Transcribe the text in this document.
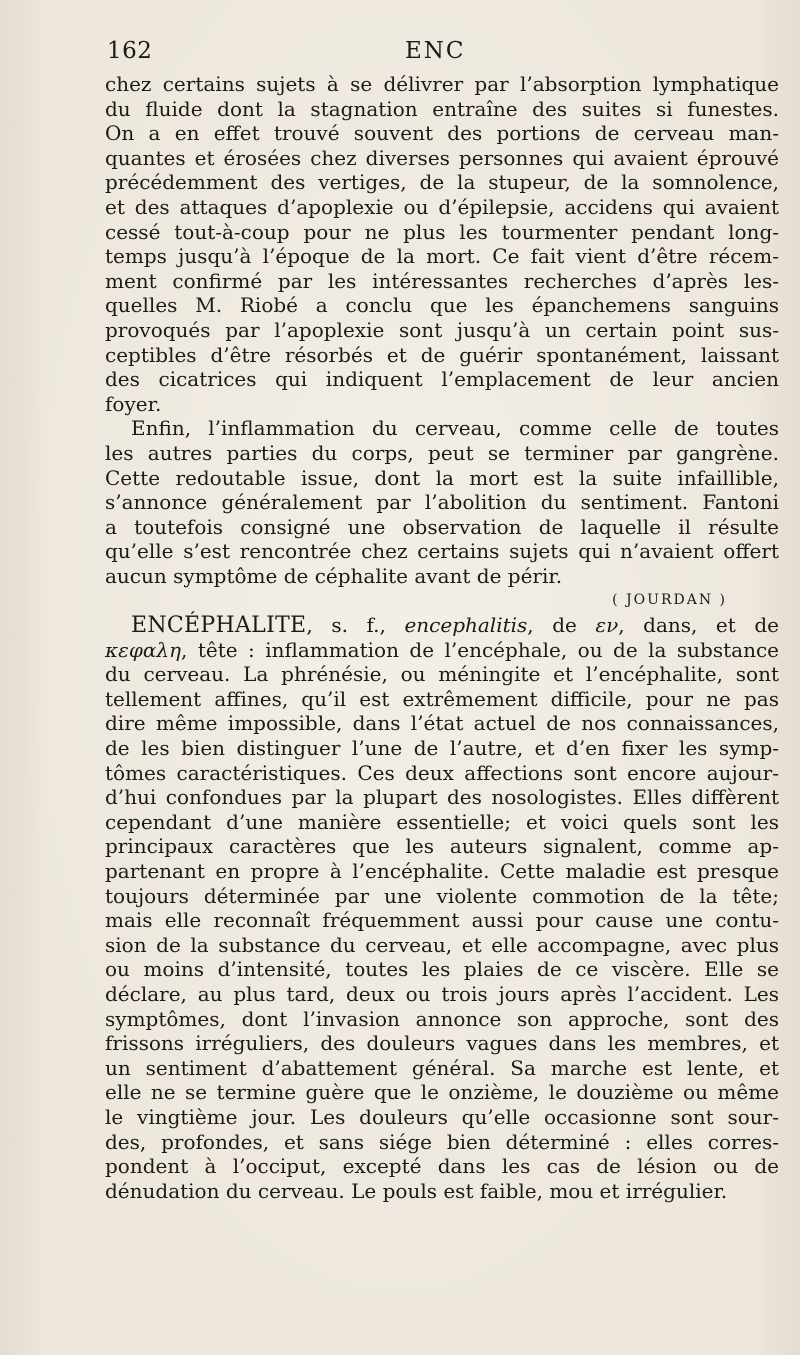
162	ENC
chez certains sujets à se délivrer par l’absorption lymphatique
du fluide dont la stagnation entraîne des suites si funestes.
On a en effet trouvé souvent des portions de cerveau man-
quantes et érosées chez diverses personnes qui avaient éprouvé
précédemment des vertiges, de la stupeur, de la somnolence,
et des attaques d’apoplexie ou d’épilepsie, accidens qui avaient
cessé tout-à-coup pour ne plus les tourmenter pendant long-
temps jusqu’à l’époque de la mort. Ce fait vient d’être récem-
ment confirmé par les intéressantes recherches d’après les-
quelles M. Riobé a conclu que les épanchemens sanguins
provoqués par l’apoplexie sont jusqu’à un certain point sus-
ceptibles d’être résorbés et de guérir spontanément, laissant
des cicatrices qui indiquent l’emplacement de leur ancien
foyer.
Enfin, l’inflammation du cerveau, comme celle de toutes
les autres parties du corps, peut se terminer par gangrène.
Cette redoutable issue, dont la mort est la suite infaillible,
s’annonce généralement par l’abolition du sentiment. Fantoni
a toutefois consigné une observation de laquelle il résulte
qu’elle s’est rencontrée chez certains sujets qui n’avaient offert
aucun symptôme de céphalite avant de périr.
( JOURDAN )
ENCÉPHALITE, s. f., encephalitis, de εν, dans, et de
κεφαλη, tête : inflammation de l’encéphale, ou de la substance
du cerveau. La phrénésie, ou méningite et l’encéphalite, sont
tellement affines, qu’il est extrêmement difficile, pour ne pas
dire même impossible, dans l’état actuel de nos connaissances,
de les bien distinguer l’une de l’autre, et d’en fixer les symp-
tômes caractéristiques. Ces deux affections sont encore aujour-
d’hui confondues par la plupart des nosologistes. Elles diffèrent
cependant d’une manière essentielle; et voici quels sont les
principaux caractères que les auteurs signalent, comme ap-
partenant en propre à l’encéphalite. Cette maladie est presque
toujours déterminée par une violente commotion de la tête;
mais elle reconnaît fréquemment aussi pour cause une contu-
sion de la substance du cerveau, et elle accompagne, avec plus
ou moins d’intensité, toutes les plaies de ce viscère. Elle se
déclare, au plus tard, deux ou trois jours après l’accident. Les
symptômes, dont l’invasion annonce son approche, sont des
frissons irréguliers, des douleurs vagues dans les membres, et
un sentiment d’abattement général. Sa marche est lente, et
elle ne se termine guère que le onzième, le douzième ou même
le vingtième jour. Les douleurs qu’elle occasionne sont sour-
des, profondes, et sans siége bien déterminé : elles corres-
pondent à l’occiput, excepté dans les cas de lésion ou de
dénudation du cerveau. Le pouls est faible, mou et irrégulier.
